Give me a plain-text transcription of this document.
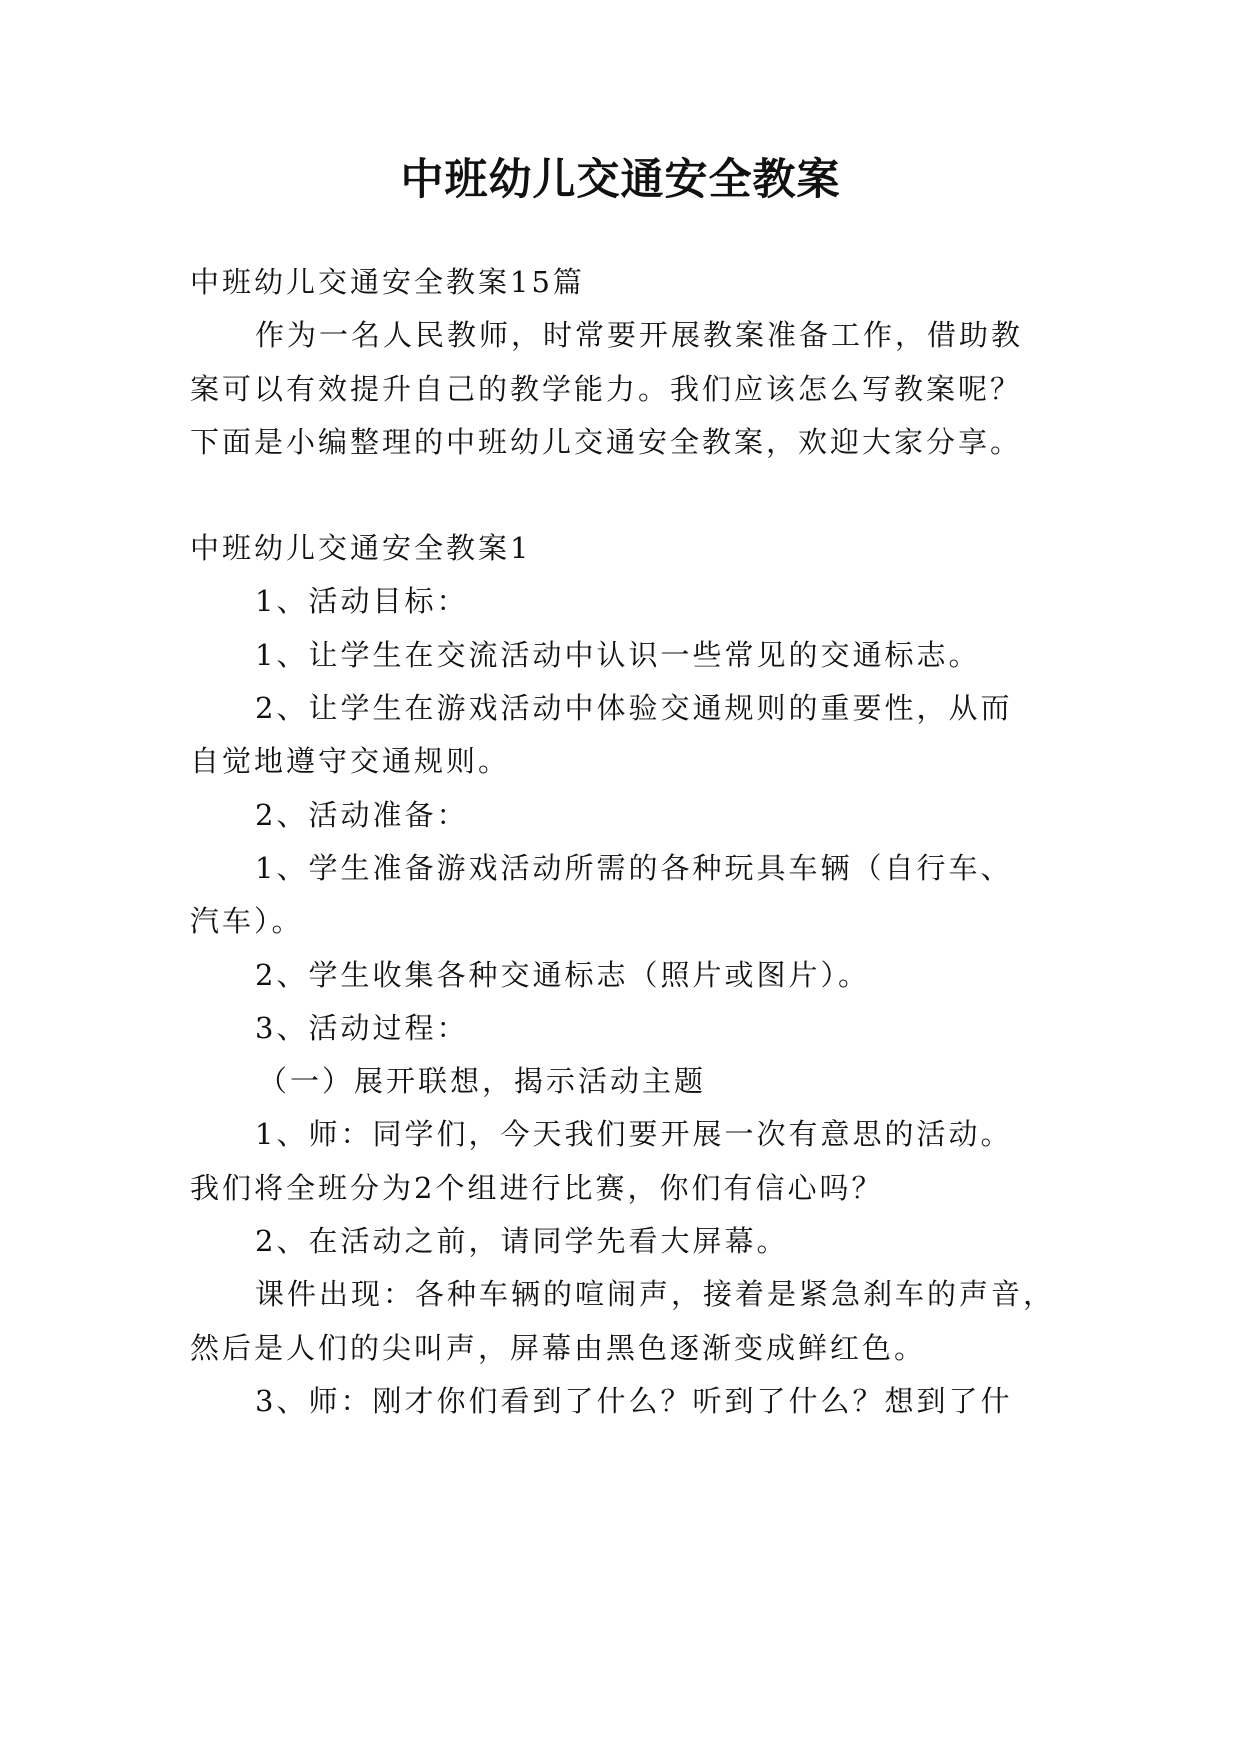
中班幼儿交通安全教案
中班幼儿交通安全教案15篇
作为一名人民教师，时常要开展教案准备工作，借助教
案可以有效提升自己的教学能力。我们应该怎么写教案呢？
下面是小编整理的中班幼儿交通安全教案，欢迎大家分享。
中班幼儿交通安全教案1
1、活动目标：
1、让学生在交流活动中认识一些常见的交通标志。
2、让学生在游戏活动中体验交通规则的重要性，从而
自觉地遵守交通规则。
2、活动准备：
1、学生准备游戏活动所需的各种玩具车辆（自行车、
汽车）。
2、学生收集各种交通标志（照片或图片）。
3、活动过程：
（一）展开联想，揭示活动主题
1、师：同学们，今天我们要开展一次有意思的活动。
我们将全班分为2个组进行比赛，你们有信心吗？
2、在活动之前，请同学先看大屏幕。
课件出现：各种车辆的喧闹声，接着是紧急刹车的声音，
然后是人们的尖叫声，屏幕由黑色逐渐变成鲜红色。
3、师：刚才你们看到了什么？听到了什么？想到了什
